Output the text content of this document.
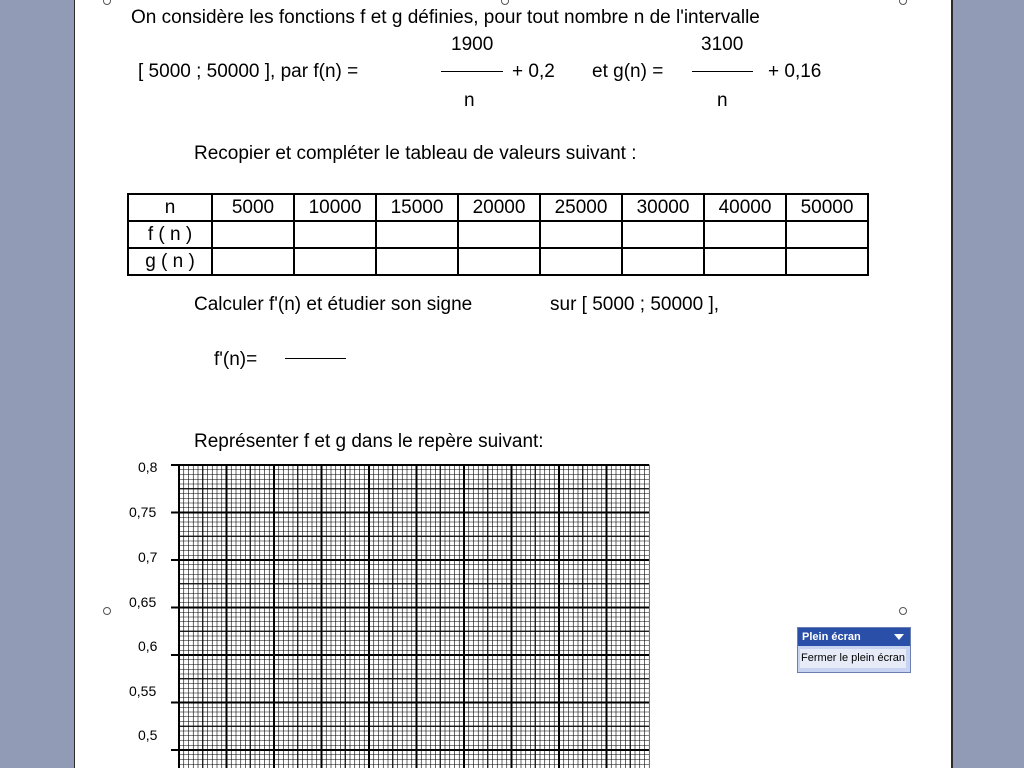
On considère les fonctions f et g définies, pour tout nombre n de l'intervalle
[ 5000 ; 50000 ], par f(n) =
1900
n
+ 0,2 et g(n) =
3100
n
+ 0,16
Recopier et compléter le tableau de valeurs suivant :
n	5000	10000	15000	20000	25000	30000	40000	50000
f ( n )								
g ( n )								
Calculer f'(n) et étudier son signe	sur [ 5000 ; 50000 ],
f'(n)=
Représenter f et g dans le repère suivant:
0,8
0,75
0,7
0,65
0,6
0,55
0,5
Plein écran
Fermer le plein écran
